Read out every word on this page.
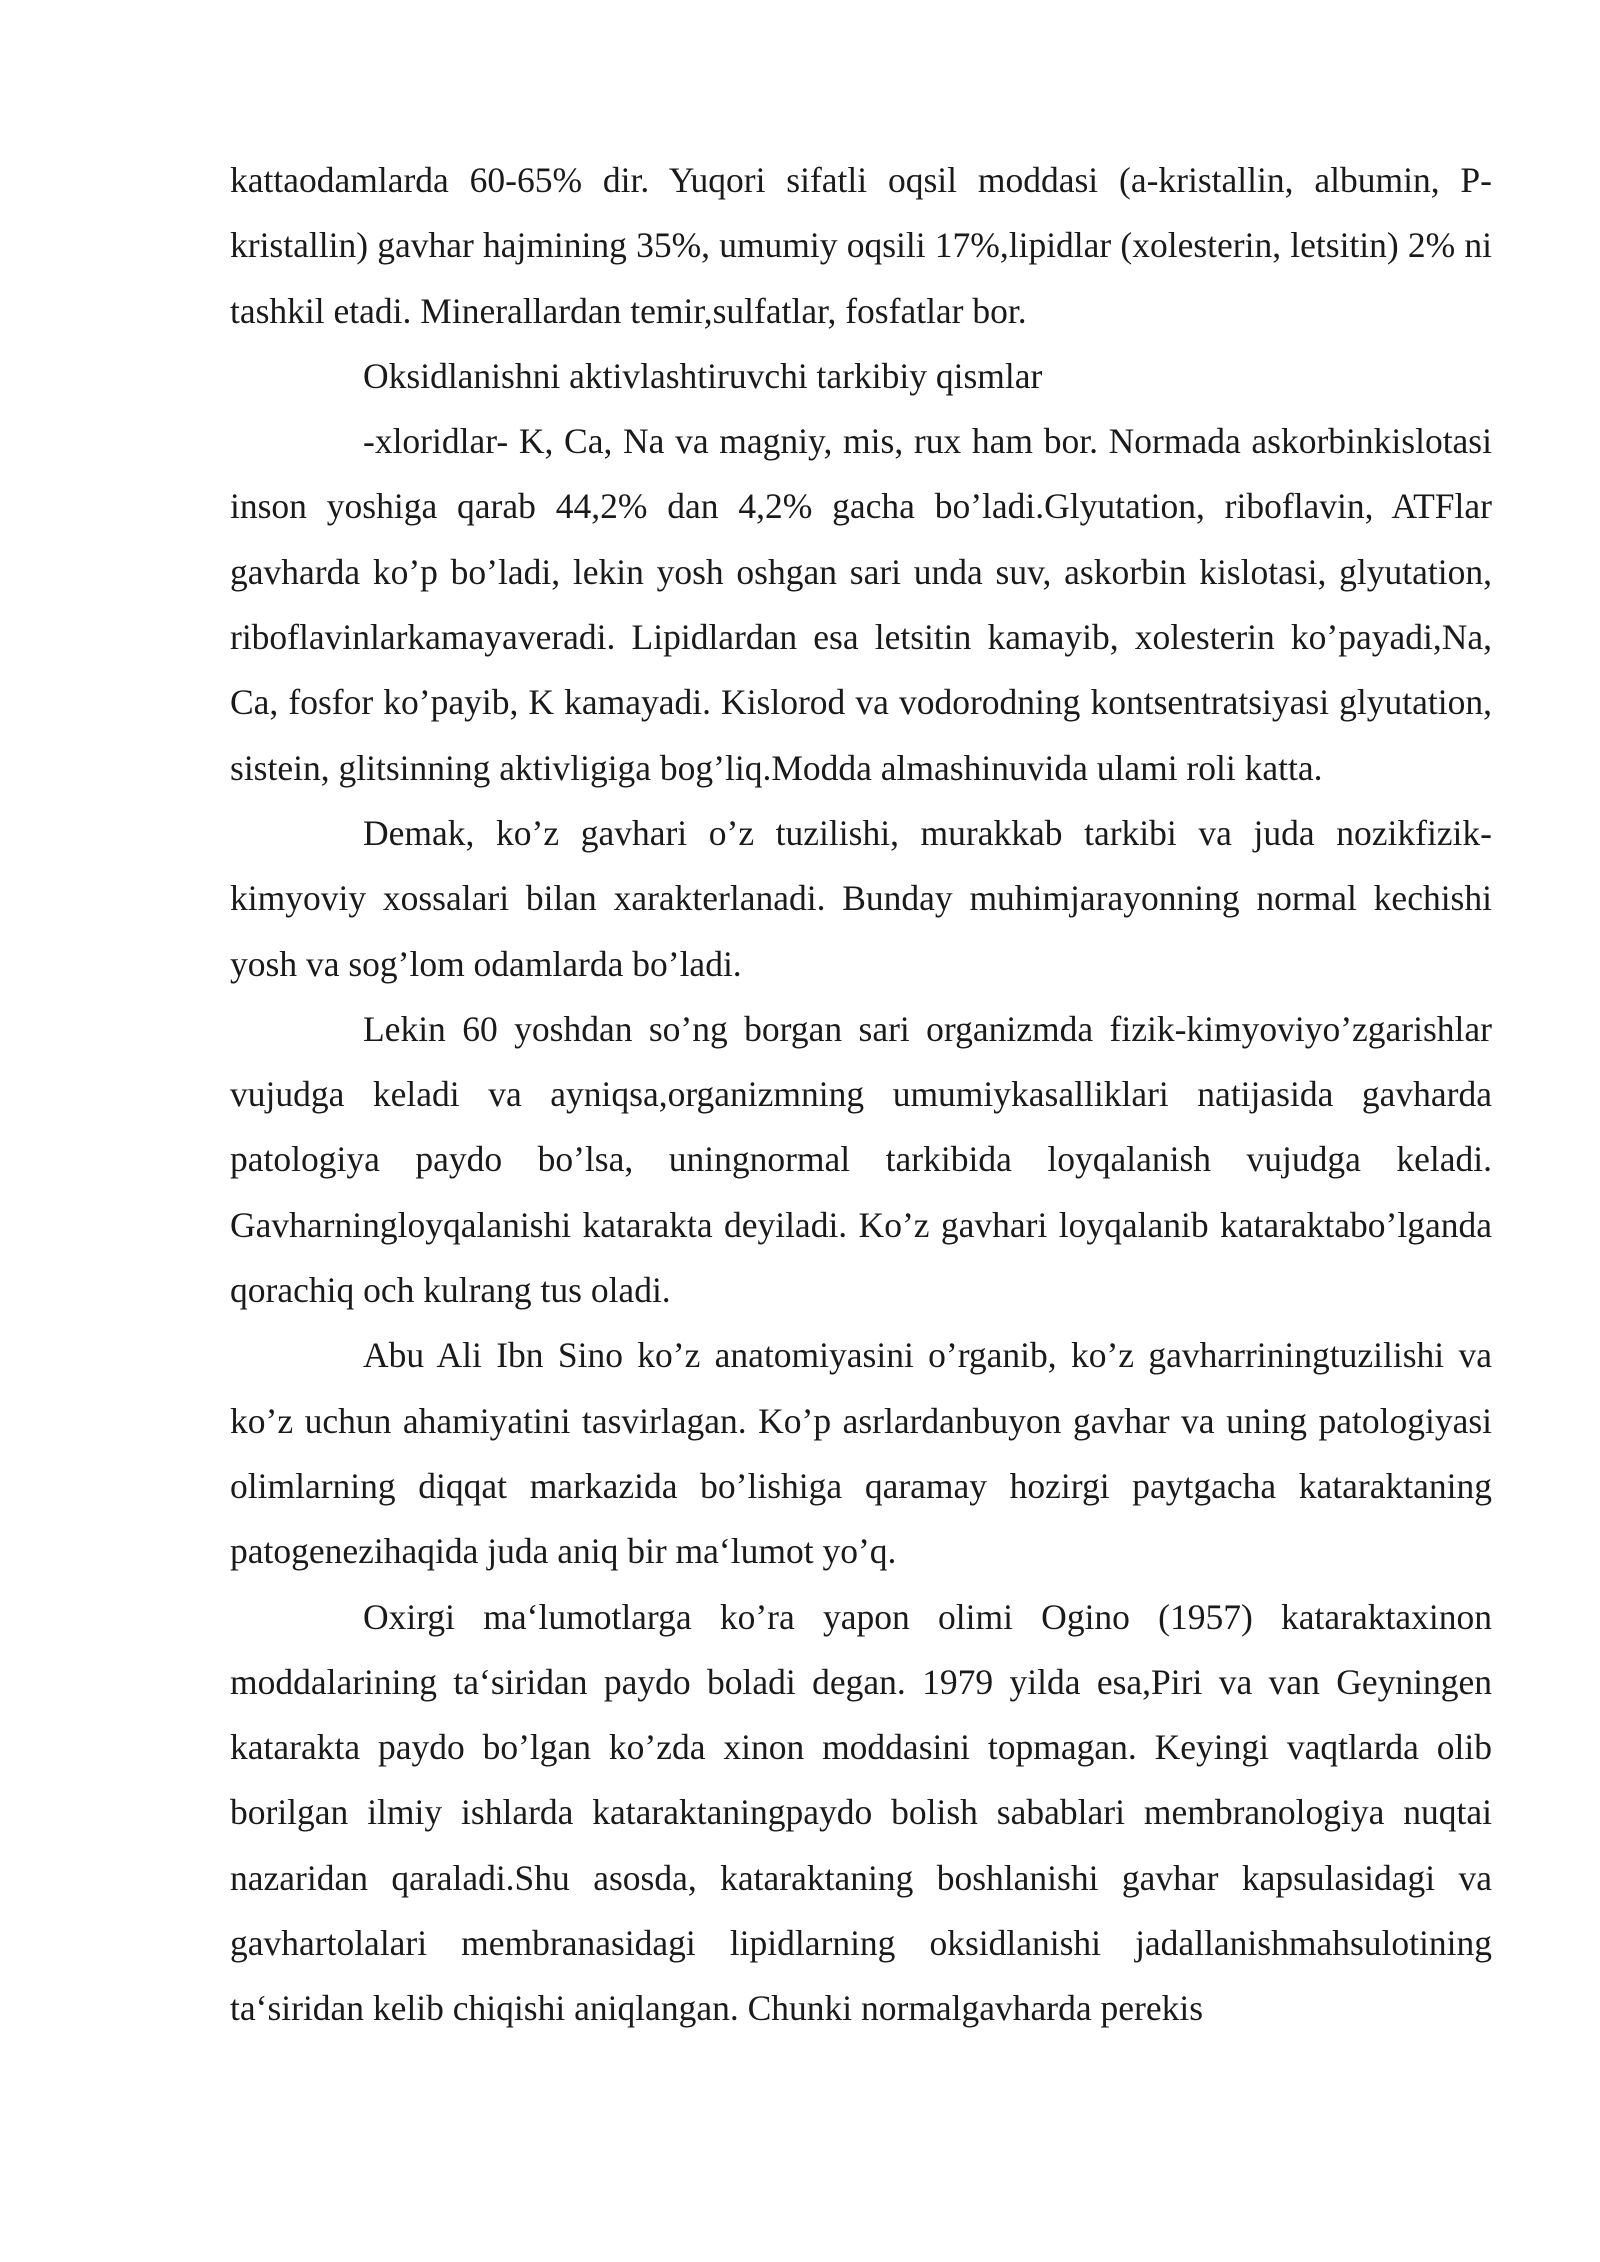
kattaodamlarda 60-65% dir. Yuqori sifatli oqsil moddasi (a-kristallin, albumin, P-kristallin) gavhar hajmining 35%, umumiy oqsili 17%,lipidlar (xolesterin, letsitin) 2% ni tashkil etadi. Minerallardan temir,sulfatlar, fosfatlar bor.

Oksidlanishni aktivlashtiruvchi tarkibiy qismlar

-xloridlar- K, Ca, Na va magniy, mis, rux ham bor. Normada askorbinkislotasi inson yoshiga qarab 44,2% dan 4,2% gacha bo’ladi.Glyutation, riboflavin, ATFlar gavharda ko’p bo’ladi, lekin yosh oshgan sari unda suv, askorbin kislotasi, glyutation, riboflavinlarkamayaveradi. Lipidlardan esa letsitin kamayib, xolesterin ko’payadi,Na, Ca, fosfor ko’payib, K kamayadi. Kislorod va vodorodning kontsentratsiyasi glyutation, sistein, glitsinning aktivligiga bog’liq.Modda almashinuvida ulami roli katta.

Demak, ko’z gavhari o’z tuzilishi, murakkab tarkibi va juda nozikfizik-kimyoviy xossalari bilan xarakterlanadi. Bunday muhimjarayonning normal kechishi yosh va sog’lom odamlarda bo’ladi.

Lekin 60 yoshdan so’ng borgan sari organizmda fizik-kimyoviyo’zgarishlar vujudga keladi va ayniqsa,organizmning umumiykasalliklari natijasida gavharda patologiya paydo bo’lsa, uningnormal tarkibida loyqalanish vujudga keladi. Gavharningloyqalanishi katarakta deyiladi. Ko’z gavhari loyqalanib kataraktabo’lganda qorachiq och kulrang tus oladi.

Abu Ali Ibn Sino ko’z anatomiyasini o’rganib, ko’z gavharriningtuzilishi va ko’z uchun ahamiyatini tasvirlagan. Ko’p asrlardanbuyon gavhar va uning patologiyasi olimlarning diqqat markazida bo’lishiga qaramay hozirgi paytgacha kataraktaning patogenezihaqida juda aniq bir ma‘lumot yo’q.

Oxirgi ma‘lumotlarga ko’ra yapon olimi Ogino (1957) kataraktaxinon moddalarining ta‘siridan paydo boladi degan. 1979 yilda esa,Piri va van Geyningen katarakta paydo bo’lgan ko’zda xinon moddasini topmagan. Keyingi vaqtlarda olib borilgan ilmiy ishlarda kataraktaningpaydo bolish sabablari membranologiya nuqtai nazaridan qaraladi.Shu asosda, kataraktaning boshlanishi gavhar kapsulasidagi va gavhartolalari membranasidagi lipidlarning oksidlanishi jadallanishmahsulotining ta‘siridan kelib chiqishi aniqlangan. Chunki normalgavharda perekis
